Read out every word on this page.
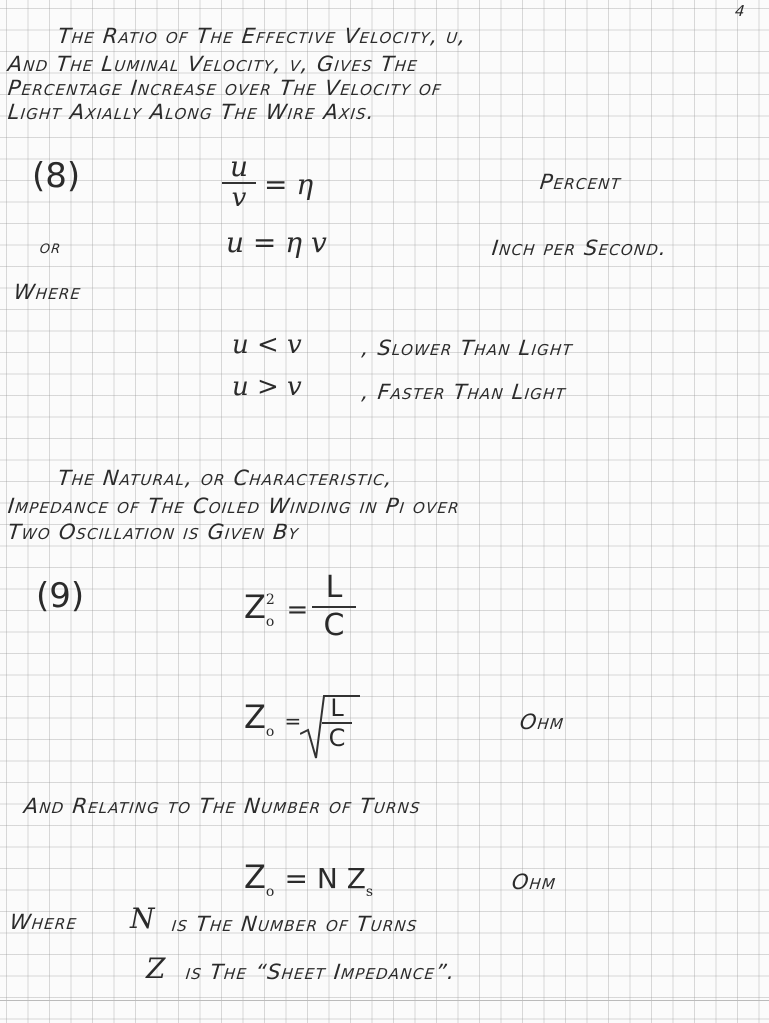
4
The Ratio of The Effective Velocity, u,
And The Luminal Velocity, v, Gives The
Percentage Increase over The Velocity of
Light Axially Along The Wire Axis.
(8)	u
v = η	Percent
or	u = η v	Inch per Second.
Where
u < v	, Slower Than Light
u > v	, Faster Than Light
The Natural, or Characteristic,
Impedance of The Coiled Winding in Pi over
Two Oscillation is Given By
(9)	$Z^2_o$ =
L
C
$Z_o$ =	L
C
Ohm
And Relating to The Number of Turns
$Z_o = N$ $Z_s$	Ohm
Where N is The Number of Turns
Z is The “Sheet Impedance”.
